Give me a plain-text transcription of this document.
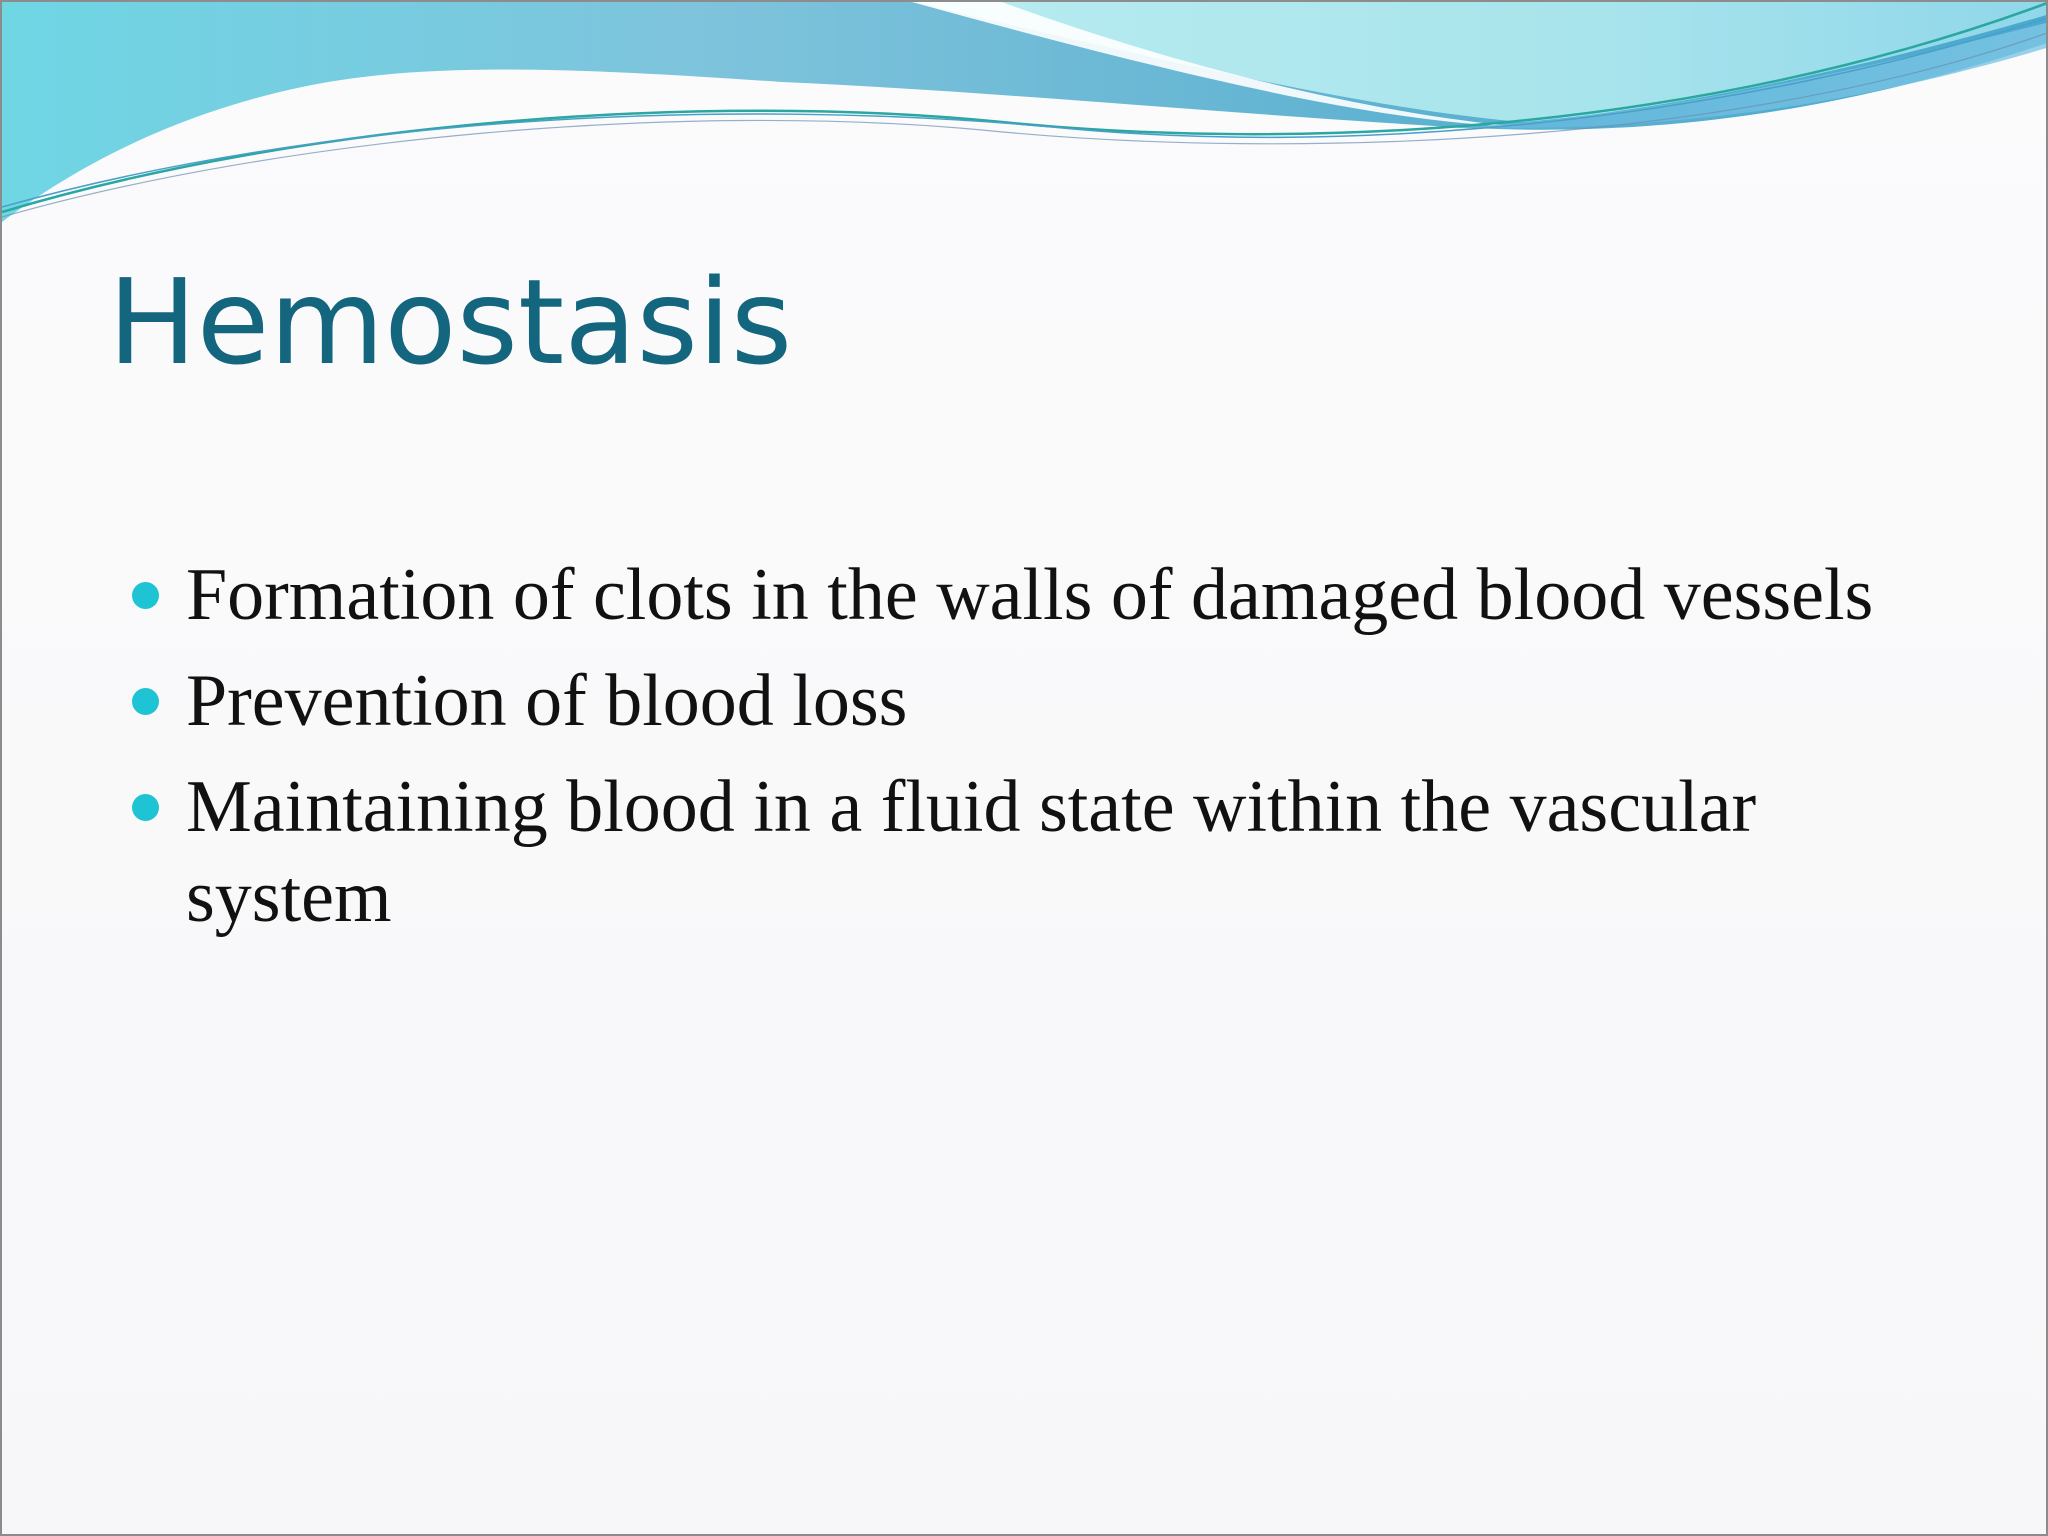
Hemostasis
Formation of clots in the walls of damaged blood vessels
Prevention of blood loss
Maintaining blood in a fluid state within the vascular system
